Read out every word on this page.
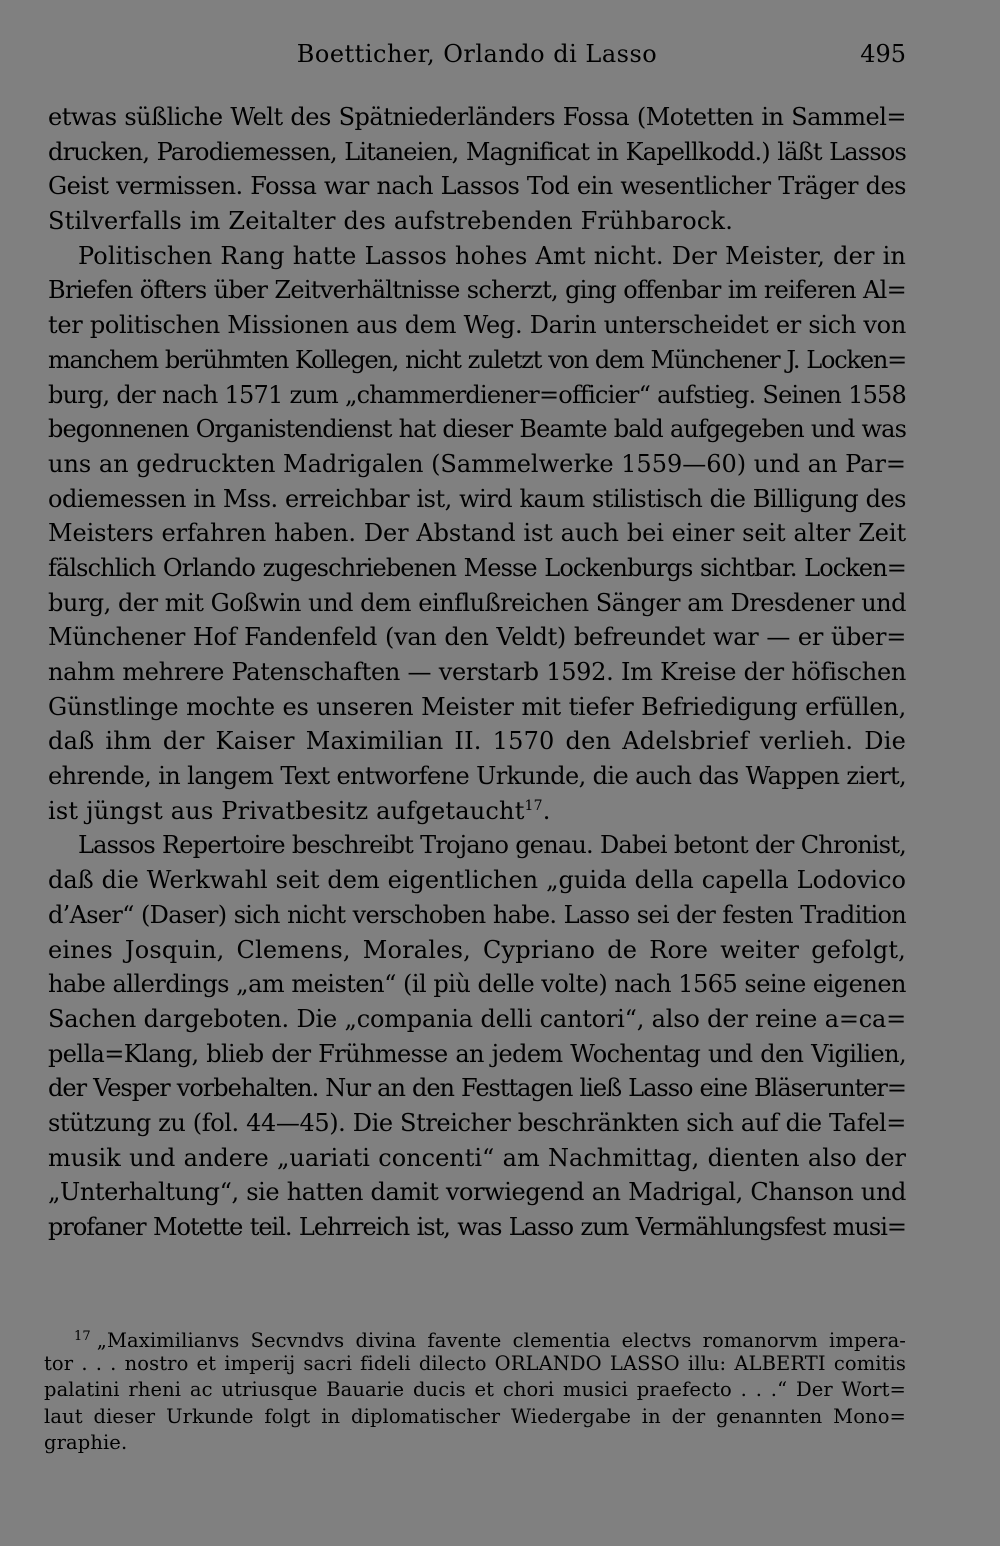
Boetticher, Orlando di Lasso	495
etwas süßliche Welt des Spätniederländers Fossa (Motetten in Sammel=
drucken, Parodiemessen, Litaneien, Magnificat in Kapellkodd.) läßt Lassos
Geist vermissen. Fossa war nach Lassos Tod ein wesentlicher Träger des
Stilverfalls im Zeitalter des aufstrebenden Frühbarock.
Politischen Rang hatte Lassos hohes Amt nicht. Der Meister, der in
Briefen öfters über Zeitverhältnisse scherzt, ging offenbar im reiferen Al=
ter politischen Missionen aus dem Weg. Darin unterscheidet er sich von
manchem berühmten Kollegen, nicht zuletzt von dem Münchener J. Locken=
burg, der nach 1571 zum „chammerdiener=officier“ aufstieg. Seinen 1558
begonnenen Organistendienst hat dieser Beamte bald aufgegeben und was
uns an gedruckten Madrigalen (Sammelwerke 1559—60) und an Par=
odiemessen in Mss. erreichbar ist, wird kaum stilistisch die Billigung des
Meisters erfahren haben. Der Abstand ist auch bei einer seit alter Zeit
fälschlich Orlando zugeschriebenen Messe Lockenburgs sichtbar. Locken=
burg, der mit Goßwin und dem einflußreichen Sänger am Dresdener und
Münchener Hof Fandenfeld (van den Veldt) befreundet war — er über=
nahm mehrere Patenschaften — verstarb 1592. Im Kreise der höfischen
Günstlinge mochte es unseren Meister mit tiefer Befriedigung erfüllen,
daß ihm der Kaiser Maximilian II. 1570 den Adelsbrief verlieh. Die
ehrende, in langem Text entworfene Urkunde, die auch das Wappen ziert,
ist jüngst aus Privatbesitz aufgetaucht$^{17}$.
Lassos Repertoire beschreibt Trojano genau. Dabei betont der Chronist,
daß die Werkwahl seit dem eigentlichen „guida della capella Lodovico
d’Aser“ (Daser) sich nicht verschoben habe. Lasso sei der festen Tradition
eines Josquin, Clemens, Morales, Cypriano de Rore weiter gefolgt,
habe allerdings „am meisten“ (il più delle volte) nach 1565 seine eigenen
Sachen dargeboten. Die „compania delli cantori“, also der reine a=ca=
pella=Klang, blieb der Frühmesse an jedem Wochentag und den Vigilien,
der Vesper vorbehalten. Nur an den Festtagen ließ Lasso eine Bläserunter=
stützung zu (fol. 44—45). Die Streicher beschränkten sich auf die Tafel=
musik und andere „uariati concenti“ am Nachmittag, dienten also der
„Unterhaltung“, sie hatten damit vorwiegend an Madrigal, Chanson und
profaner Motette teil. Lehrreich ist, was Lasso zum Vermählungsfest musi=
$^{17}$ „Maximilianvs Secvndvs divina favente clementia electvs romanorvm impera-
tor . . . nostro et imperij sacri fideli dilecto ORLANDO LASSO illu: ALBERTI comitis
palatini rheni ac utriusque Bauarie ducis et chori musici praefecto . . .“ Der Wort=
laut dieser Urkunde folgt in diplomatischer Wiedergabe in der genannten Mono=
graphie.
